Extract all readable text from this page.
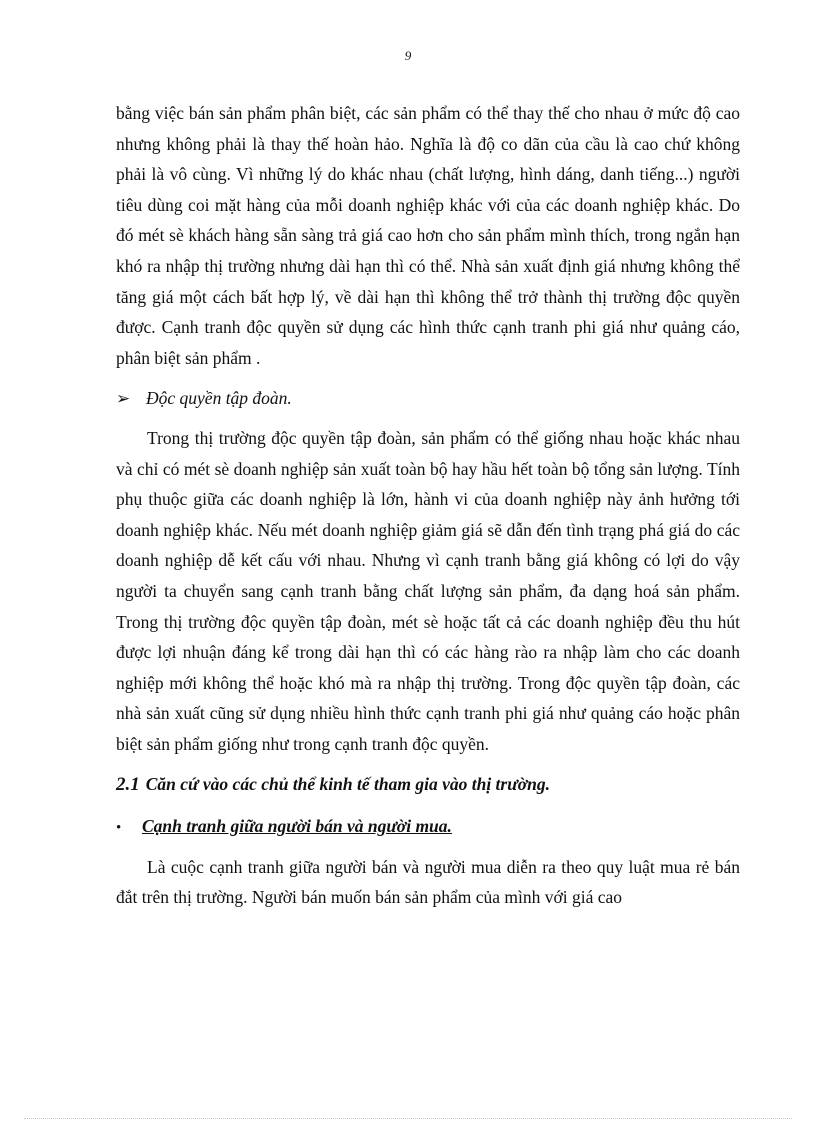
9

bằng việc bán sản phẩm phân biệt, các sản phẩm có thể thay thế cho nhau ở mức độ cao nhưng không phải là thay thế hoàn hảo. Nghĩa là độ co dãn của cầu là cao chứ không phải là vô cùng. Vì những lý do khác nhau (chất lượng, hình dáng, danh tiếng...) người tiêu dùng coi mặt hàng của mỗi doanh nghiệp khác với của các doanh nghiệp khác. Do đó mét sè khách hàng sẵn sàng trả giá cao hơn cho sản phẩm mình thích, trong ngắn hạn khó ra nhập thị trường nhưng dài hạn thì có thể. Nhà sản xuất định giá nhưng không thể tăng giá một cách bất hợp lý, về dài hạn thì không thể trở thành thị trường độc quyền được. Cạnh tranh độc quyền sử dụng các hình thức cạnh tranh phi giá như quảng cáo, phân biệt sản phẩm .

➢ Độc quyền tập đoàn.

Trong thị trường độc quyền tập đoàn, sản phẩm có thể giống nhau hoặc khác nhau và chỉ có mét sè doanh nghiệp sản xuất toàn bộ hay hầu hết toàn bộ tổng sản lượng. Tính phụ thuộc giữa các doanh nghiệp là lớn, hành vi của doanh nghiệp này ảnh hưởng tới doanh nghiệp khác. Nếu mét doanh nghiệp giảm giá sẽ dẫn đến tình trạng phá giá do các doanh nghiệp dễ kết cấu với nhau. Nhưng vì cạnh tranh bằng giá không có lợi do vậy người ta chuyển sang cạnh tranh bằng chất lượng sản phẩm, đa dạng hoá sản phẩm. Trong thị trường độc quyền tập đoàn, mét sè hoặc tất cả các doanh nghiệp đều thu hút được lợi nhuận đáng kể trong dài hạn thì có các hàng rào ra nhập làm cho các doanh nghiệp mới không thể hoặc khó mà ra nhập thị trường. Trong độc quyền tập đoàn, các nhà sản xuất cũng sử dụng nhiều hình thức cạnh tranh phi giá như quảng cáo hoặc phân biệt sản phẩm giống như trong cạnh tranh độc quyền.

2.1 Căn cứ vào các chủ thể kinh tế tham gia vào thị trường.
•	Cạnh tranh giữa người bán và người mua.

Là cuộc cạnh tranh giữa người bán và người mua diễn ra theo quy luật mua rẻ bán đắt trên thị trường. Người bán muốn bán sản phẩm của mình với giá cao
